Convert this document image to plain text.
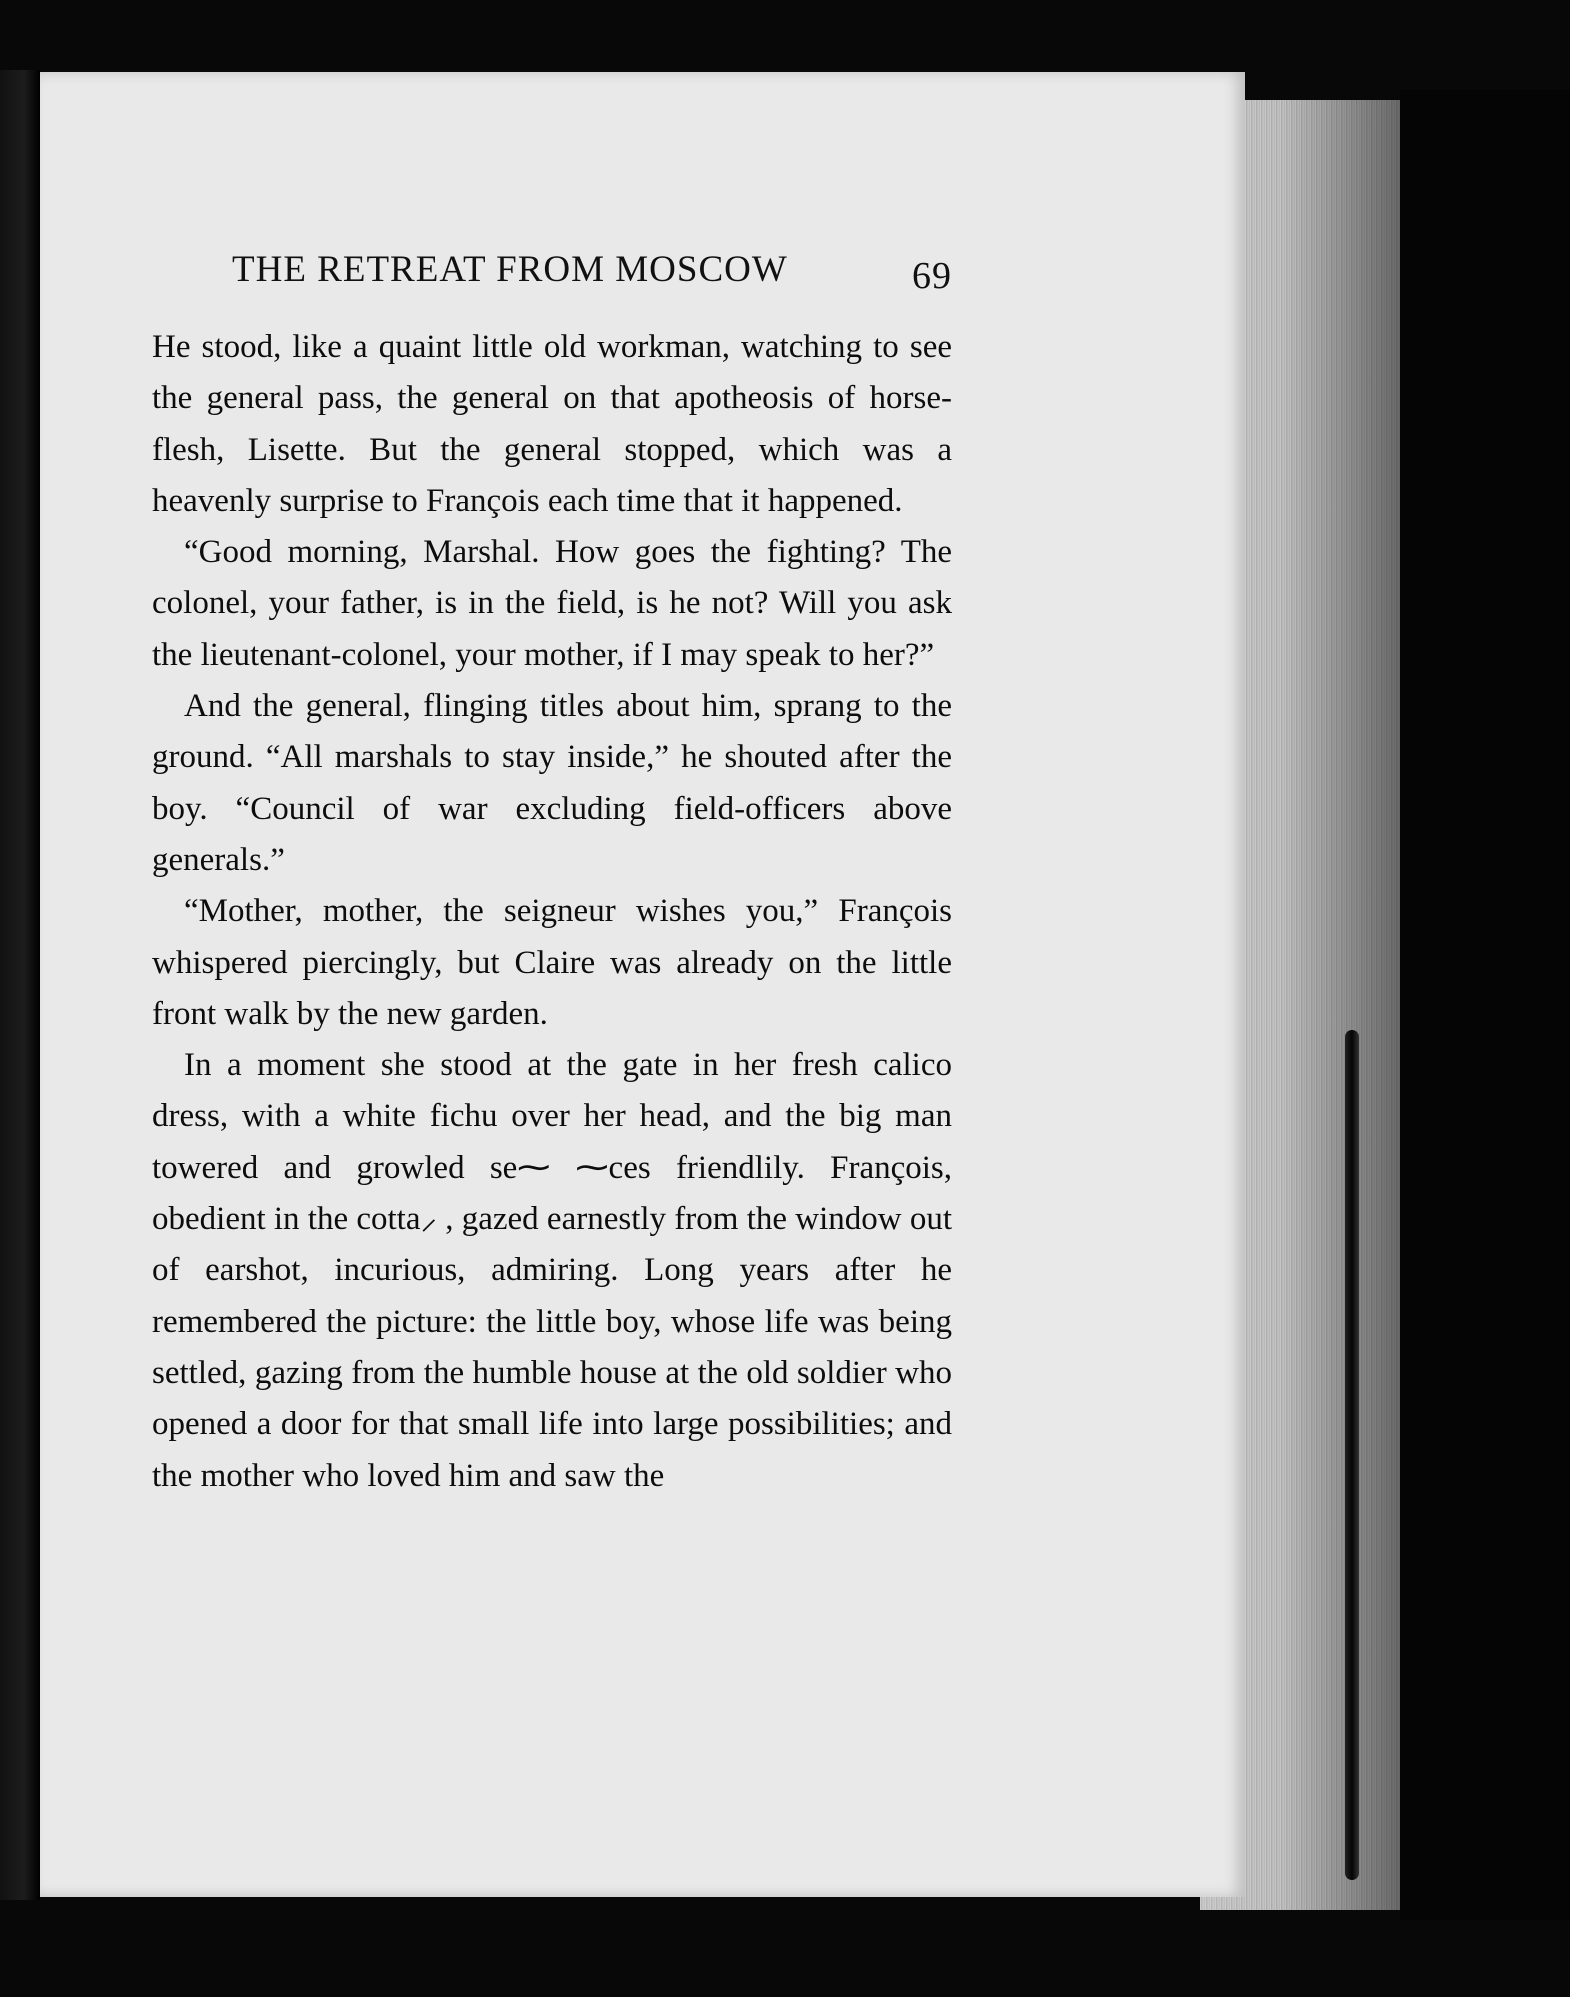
THE RETREAT FROM MOSCOW	69

He stood, like a quaint little old workman, watching to see the general pass, the general on that apotheosis of horse-flesh, Lisette. But the general stopped, which was a heavenly surprise to François each time that it happened.

“Good morning, Marshal. How goes the fighting? The colonel, your father, is in the field, is he not? Will you ask the lieutenant-colonel, your mother, if I may speak to her?”

And the general, flinging titles about him, sprang to the ground. “All marshals to stay inside,” he shouted after the boy. “Council of war excluding field-officers above generals.”

“Mother, mother, the seigneur wishes you,” François whispered piercingly, but Claire was already on the little front walk by the new garden.

In a moment she stood at the gate in her fresh calico dress, with a white fichu over her head, and the big man towered and growled se⁓ ⁓ces friendlily. François, obedient in the cotta⸝ , gazed earnestly from the window out of earshot, incurious, admiring. Long years after he remembered the picture: the little boy, whose life was being settled, gazing from the humble house at the old soldier who opened a door for that small life into large possibilities; and the mother who loved him and saw the
